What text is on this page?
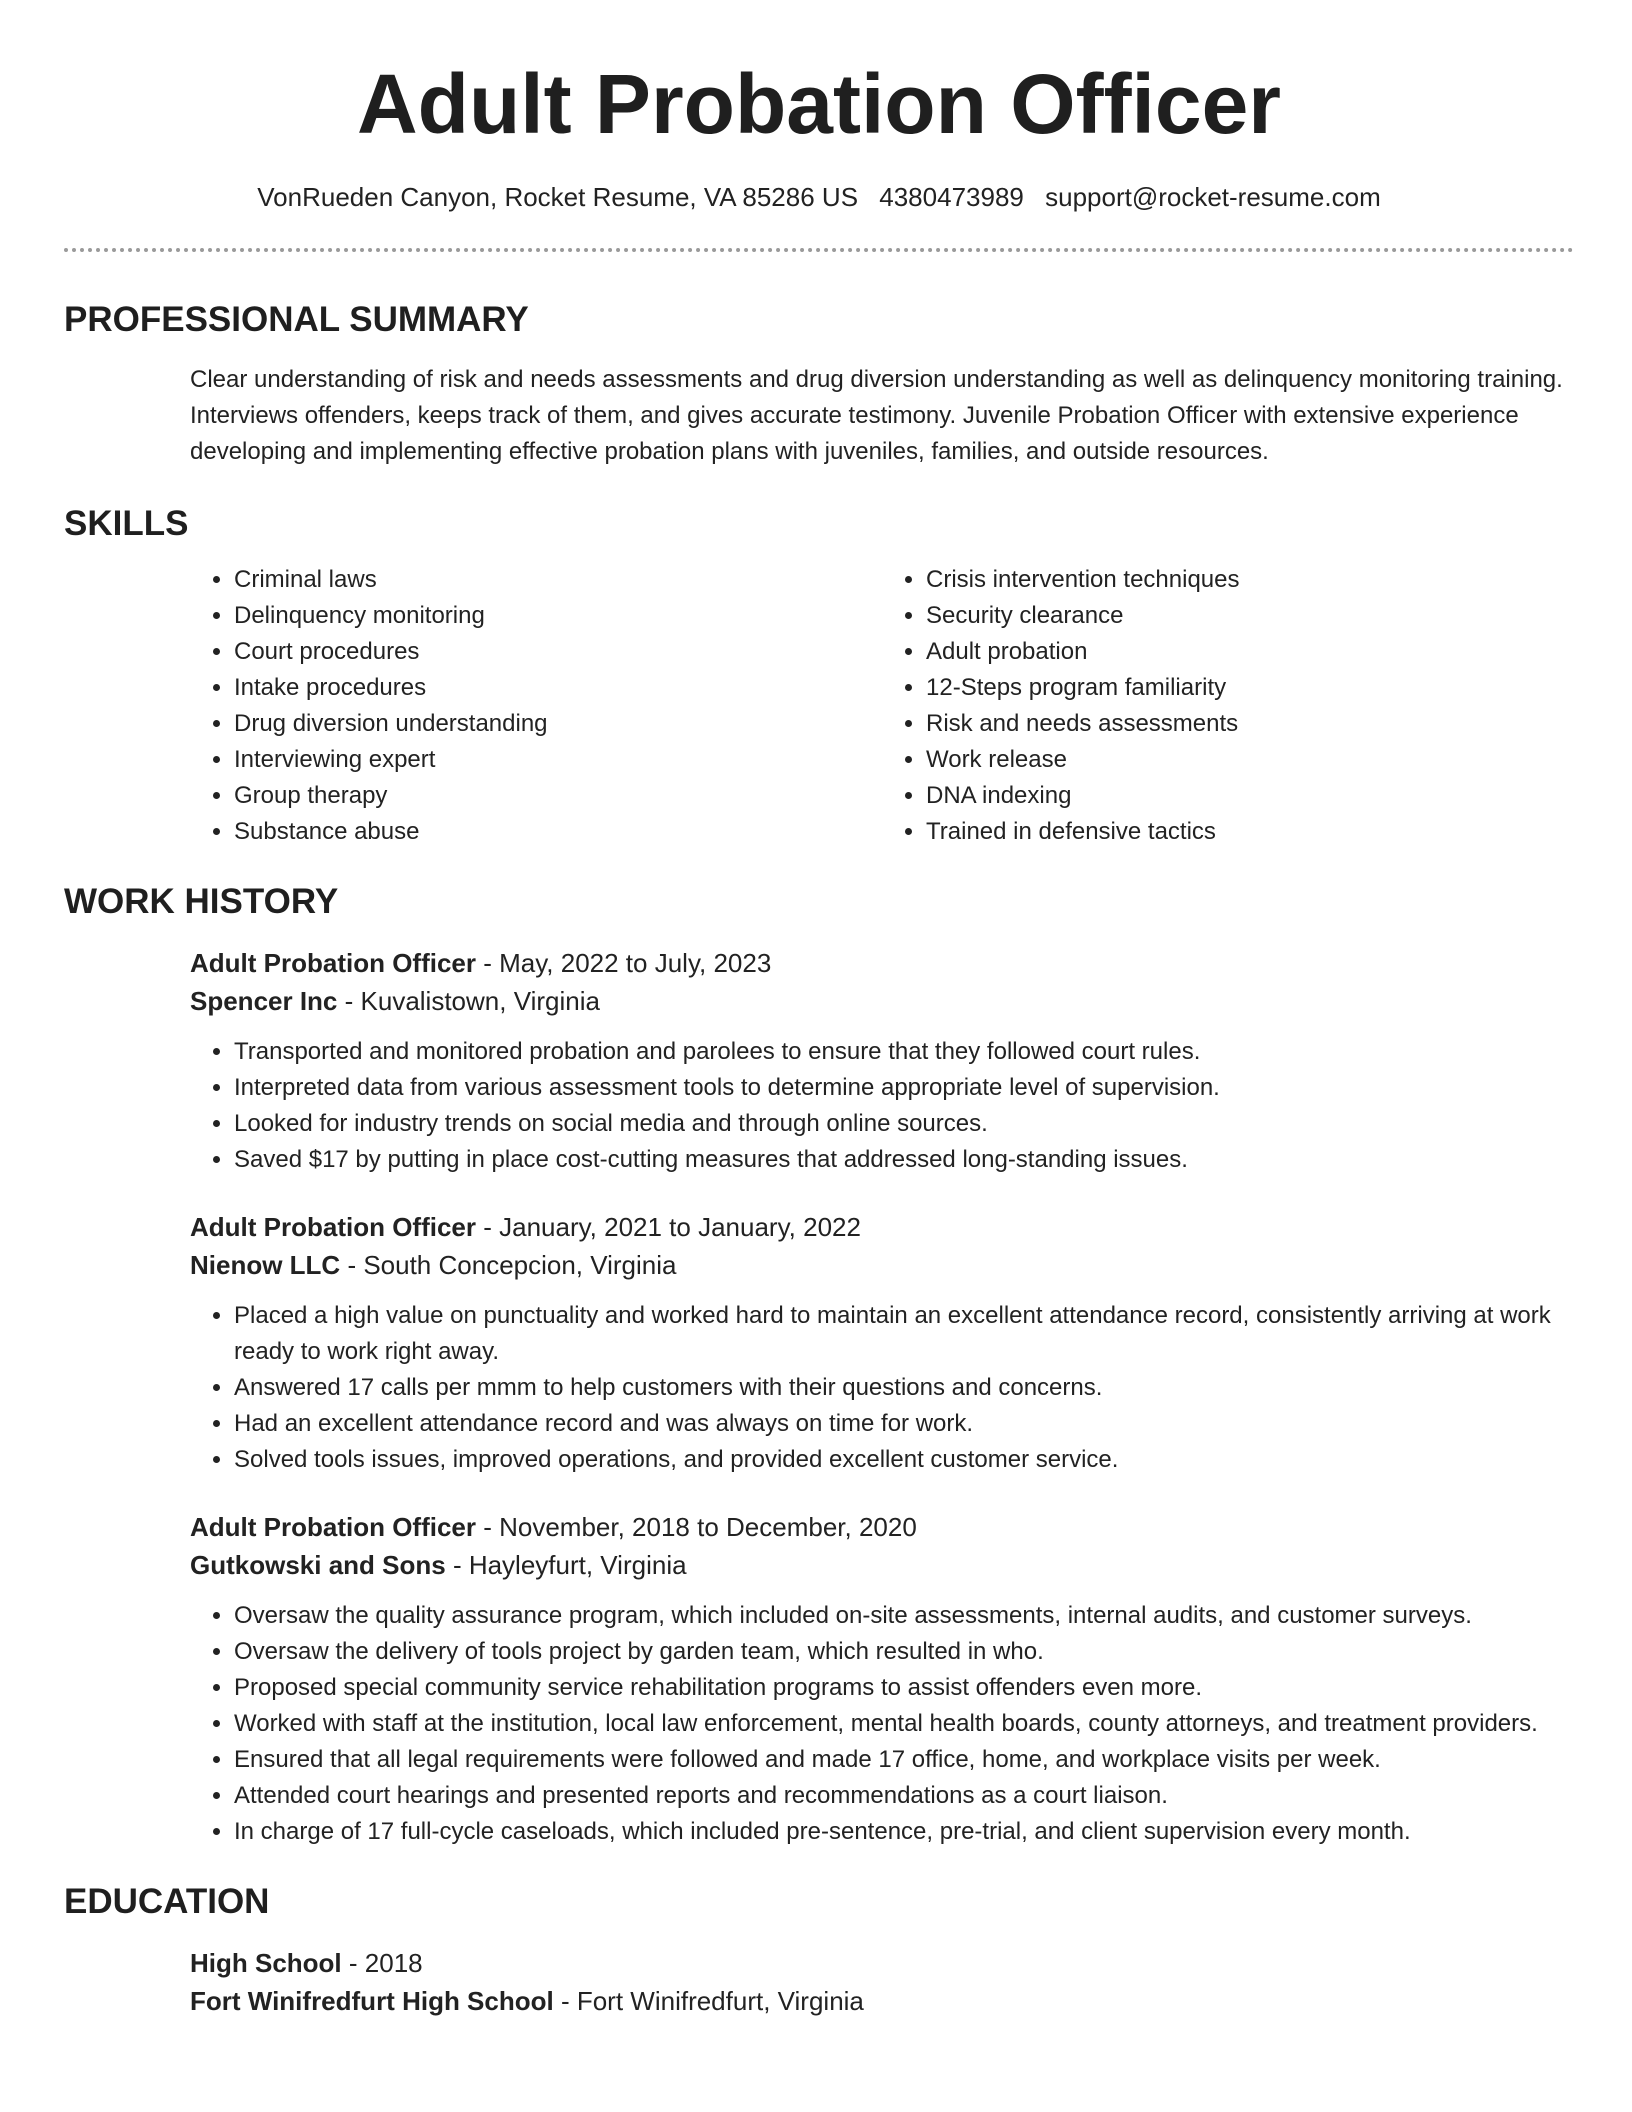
Adult Probation Officer
VonRueden Canyon, Rocket Resume, VA 85286 US 4380473989 support@rocket-resume.com
PROFESSIONAL SUMMARY

Clear understanding of risk and needs assessments and drug diversion understanding as well as delinquency monitoring training. Interviews offenders, keeps track of them, and gives accurate testimony. Juvenile Probation Officer with extensive experience developing and implementing effective probation plans with juveniles, families, and outside resources.

SKILLS
• Criminal laws
• Delinquency monitoring
• Court procedures
• Intake procedures
• Drug diversion understanding
• Interviewing expert
• Group therapy
• Substance abuse
• Crisis intervention techniques
• Security clearance
• Adult probation
• 12-Steps program familiarity
• Risk and needs assessments
• Work release
• DNA indexing
• Trained in defensive tactics
WORK HISTORY
Adult Probation Officer - May, 2022 to July, 2023
Spencer Inc - Kuvalistown, Virginia
• Transported and monitored probation and parolees to ensure that they followed court rules.
• Interpreted data from various assessment tools to determine appropriate level of supervision.
• Looked for industry trends on social media and through online sources.
• Saved $17 by putting in place cost-cutting measures that addressed long-standing issues.
Adult Probation Officer - January, 2021 to January, 2022
Nienow LLC - South Concepcion, Virginia
• Placed a high value on punctuality and worked hard to maintain an excellent attendance record, consistently arriving at work ready to work right away.
• Answered 17 calls per mmm to help customers with their questions and concerns.
• Had an excellent attendance record and was always on time for work.
• Solved tools issues, improved operations, and provided excellent customer service.
Adult Probation Officer - November, 2018 to December, 2020
Gutkowski and Sons - Hayleyfurt, Virginia
• Oversaw the quality assurance program, which included on-site assessments, internal audits, and customer surveys.
• Oversaw the delivery of tools project by garden team, which resulted in who.
• Proposed special community service rehabilitation programs to assist offenders even more.
• Worked with staff at the institution, local law enforcement, mental health boards, county attorneys, and treatment providers.
• Ensured that all legal requirements were followed and made 17 office, home, and workplace visits per week.
• Attended court hearings and presented reports and recommendations as a court liaison.
• In charge of 17 full-cycle caseloads, which included pre-sentence, pre-trial, and client supervision every month.
EDUCATION
High School - 2018
Fort Winifredfurt High School - Fort Winifredfurt, Virginia
